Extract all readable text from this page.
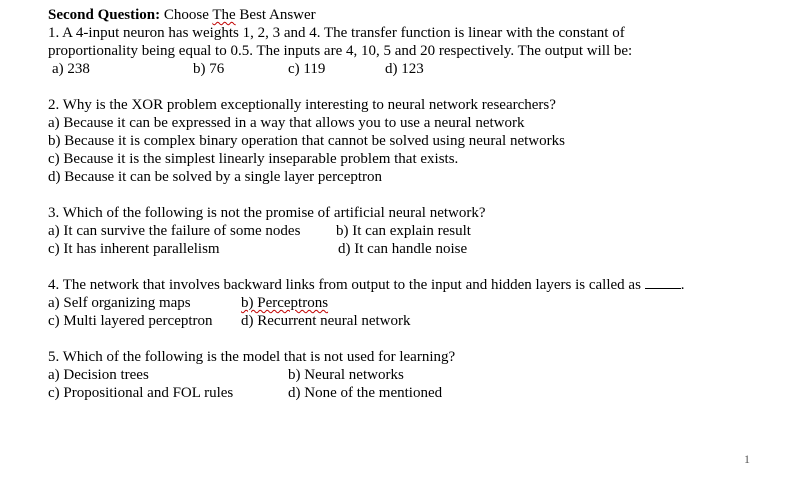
Second Question: Choose The Best Answer
1. A 4-input neuron has weights 1, 2, 3 and 4. The transfer function is linear with the constant of
proportionality being equal to 0.5. The inputs are 4, 10, 5 and 20 respectively. The output will be:
a) 238	b) 76	c) 119	d) 123
2. Why is the XOR problem exceptionally interesting to neural network researchers?
a) Because it can be expressed in a way that allows you to use a neural network
b) Because it is complex binary operation that cannot be solved using neural networks
c) Because it is the simplest linearly inseparable problem that exists.
d) Because it can be solved by a single layer perceptron
3. Which of the following is not the promise of artificial neural network?
a) It can survive the failure of some nodes b) It can explain result
c) It has inherent parallelism	d) It can handle noise
4. The network that involves backward links from output to the input and hidden layers is called as	.
a) Self organizing maps	b) Perceptrons
c) Multi layered perceptron d) Recurrent neural network
5. Which of the following is the model that is not used for learning?
a) Decision trees	b) Neural networks
c) Propositional and FOL rules	d) None of the mentioned
1
